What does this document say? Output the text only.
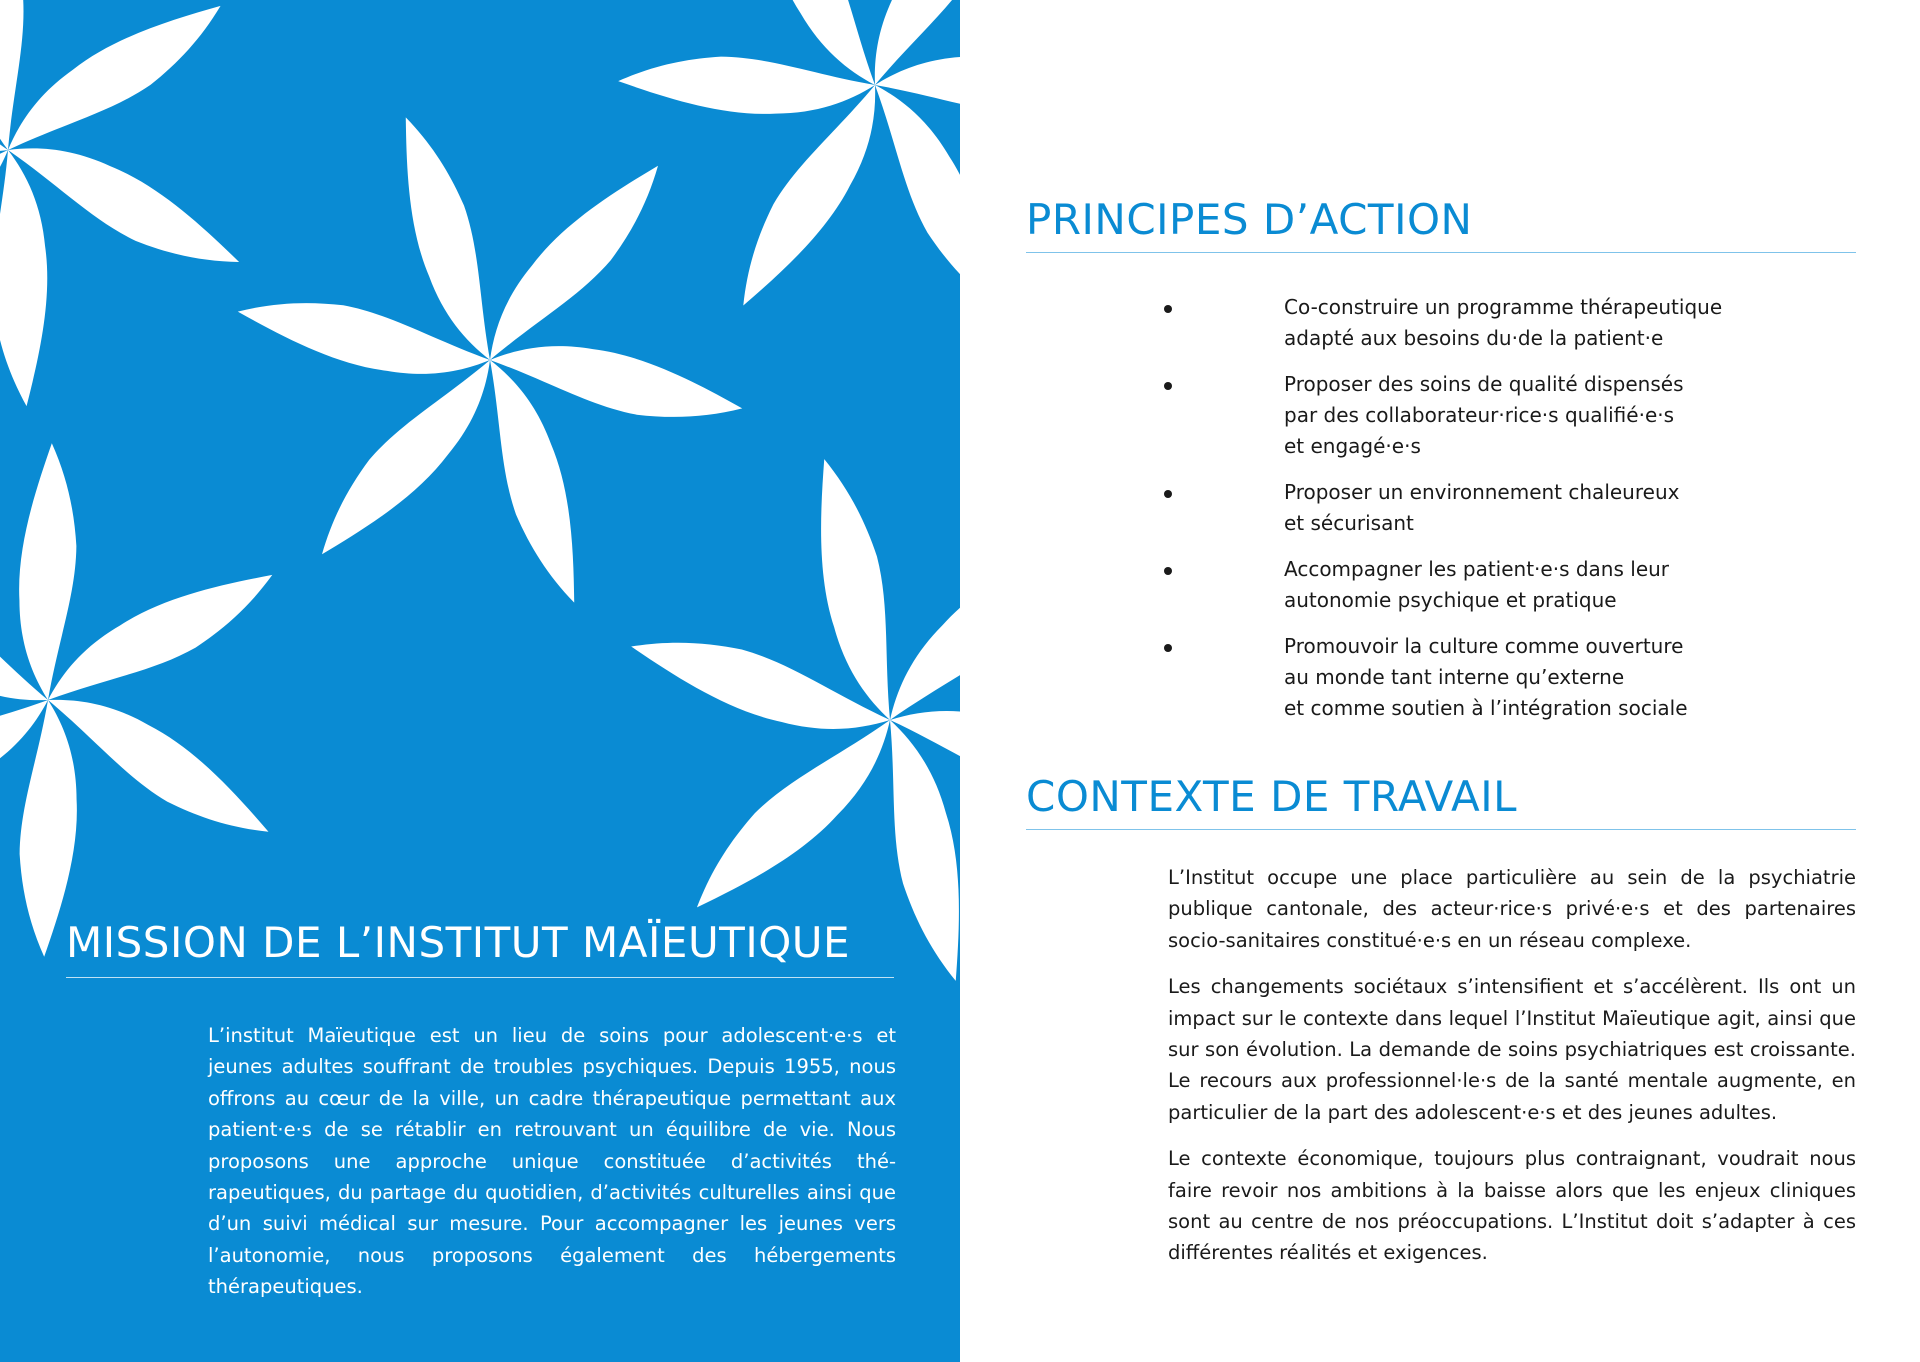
MISSION DE L’INSTITUT MAÏEUTIQUE

L’institut Maïeutique est un lieu de soins pour adolescent·e·s et jeunes adultes souffrant de troubles psychiques. Depuis 1955, nous offrons au cœur de la ville, un cadre thérapeutique permettant aux patient·e·s de se rétablir en retrouvant un équilibre de vie. Nous proposons une approche unique constituée d’activités thérapeutiques, du partage du quotidien, d’activités culturelles ainsi que d’un suivi médical sur mesure. Pour accompagner les jeunes vers l’autonomie, nous proposons également des hébergements thérapeutiques.

PRINCIPES D’ACTION
Co-construire un programme thérapeutique
adapté aux besoins du·de la patient·e
Proposer des soins de qualité dispensés
par des collaborateur·rice·s qualifié·e·s
et engagé·e·s
Proposer un environnement chaleureux
et sécurisant
Accompagner les patient·e·s dans leur
autonomie psychique et pratique
Promouvoir la culture comme ouverture
au monde tant interne qu’externe
et comme soutien à l’intégration sociale
CONTEXTE DE TRAVAIL

L’Institut occupe une place particulière au sein de la psychiatrie publique cantonale, des acteur·rice·s privé·e·s et des partenaires socio-sanitaires constitué·e·s en un réseau complexe.

Les changements sociétaux s’intensifient et s’accélèrent. Ils ont un impact sur le contexte dans lequel l’Institut Maïeutique agit, ainsi que sur son évolution. La demande de soins psychiatriques est croissante. Le recours aux professionnel·le·s de la santé mentale augmente, en particulier de la part des adolescent·e·s et des jeunes adultes.

Le contexte économique, toujours plus contraignant, voudrait nous faire revoir nos ambitions à la baisse alors que les enjeux cliniques sont au centre de nos préoccupations. L’Institut doit s’adapter à ces différentes réalités et exigences.
